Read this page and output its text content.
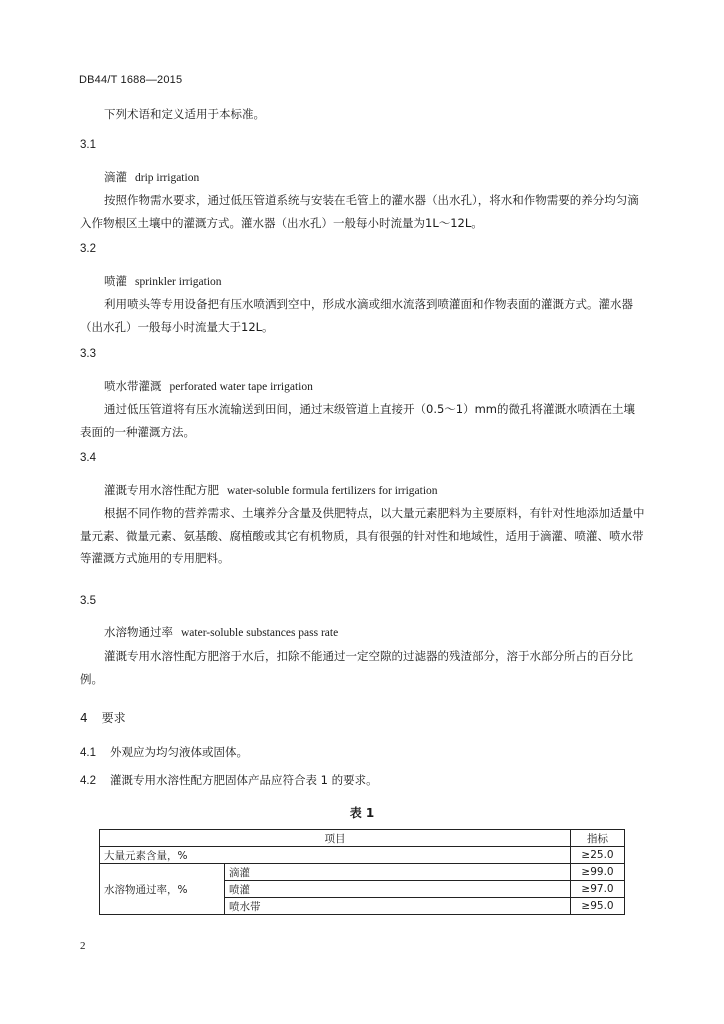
DB44/T 1688—2015
下列术语和定义适用于本标准。
3.1
滴灌 drip irrigation
按照作物需水要求，通过低压管道系统与安装在毛管上的灌水器（出水孔），将水和作物需要的养分均匀滴入作物根区土壤中的灌溉方式。灌水器（出水孔）一般每小时流量为1L～12L。
3.2
喷灌 sprinkler irrigation
利用喷头等专用设备把有压水喷洒到空中，形成水滴或细水流落到喷灌面和作物表面的灌溉方式。灌水器（出水孔）一般每小时流量大于12L。
3.3
喷水带灌溉 perforated water tape irrigation
通过低压管道将有压水流输送到田间，通过末级管道上直接开（0.5～1）mm的微孔将灌溉水喷洒在土壤表面的一种灌溉方法。
3.4
灌溉专用水溶性配方肥 water-soluble formula fertilizers for irrigation
根据不同作物的营养需求、土壤养分含量及供肥特点，以大量元素肥料为主要原料，有针对性地添加适量中量元素、微量元素、氨基酸、腐植酸或其它有机物质，具有很强的针对性和地域性，适用于滴灌、喷灌、喷水带等灌溉方式施用的专用肥料。
3.5
水溶物通过率 water-soluble substances pass rate
灌溉专用水溶性配方肥溶于水后，扣除不能通过一定空隙的过滤器的残渣部分，溶于水部分所占的百分比例。
4 要求
4.1 外观应为均匀液体或固体。
4.2 灌溉专用水溶性配方肥固体产品应符合表 1 的要求。
表 1
项目		指标
大量元素含量，%		≥25.0
水溶物通过率，%	滴灌	≥99.0
	喷灌	≥97.0
	喷水带	≥95.0
2
